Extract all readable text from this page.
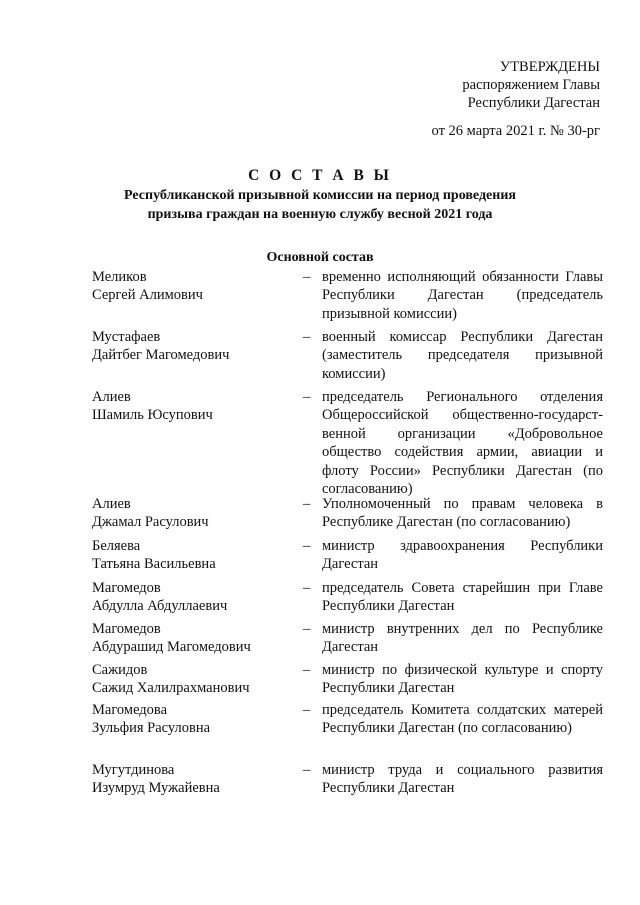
УТВЕРЖДЕНЫ
распоряжением Главы
Республики Дагестан
от 26 марта 2021 г. № 30-рг
С О С Т А В Ы
Республиканской призывной комиссии на период проведения
призыва граждан на военную службу весной 2021 года
Основной состав
Меликов
Сергей Алимович
– временно исполняющий обязанности Главы Республики Дагестан (председатель призывной комиссии)
Мустафаев
Дайтбег Магомедович
– военный комиссар Республики Дагестан (заместитель председателя призывной комиссии)
Алиев
Шамиль Юсупович
– председатель Регионального отделения Общероссийской общественно-государст-венной организации «Добровольное общество содействия армии, авиации и флоту России» Республики Дагестан (по согласованию)
Алиев
Джамал Расулович
– Уполномоченный по правам человека в Республике Дагестан (по согласованию)
Беляева
Татьяна Васильевна
– министр здравоохранения Республики Дагестан
Магомедов
Абдулла Абдуллаевич
– председатель Совета старейшин при Главе Республики Дагестан
Магомедов
Абдурашид Магомедович
– министр внутренних дел по Республике Дагестан
Сажидов
Сажид Халилрахманович
– министр по физической культуре и спорту Республики Дагестан
Магомедова
Зульфия Расуловна
– председатель Комитета солдатских матерей Республики Дагестан (по согласованию)
Мугутдинова
Изумруд Мужайевна
– министр труда и социального развития Республики Дагестан
